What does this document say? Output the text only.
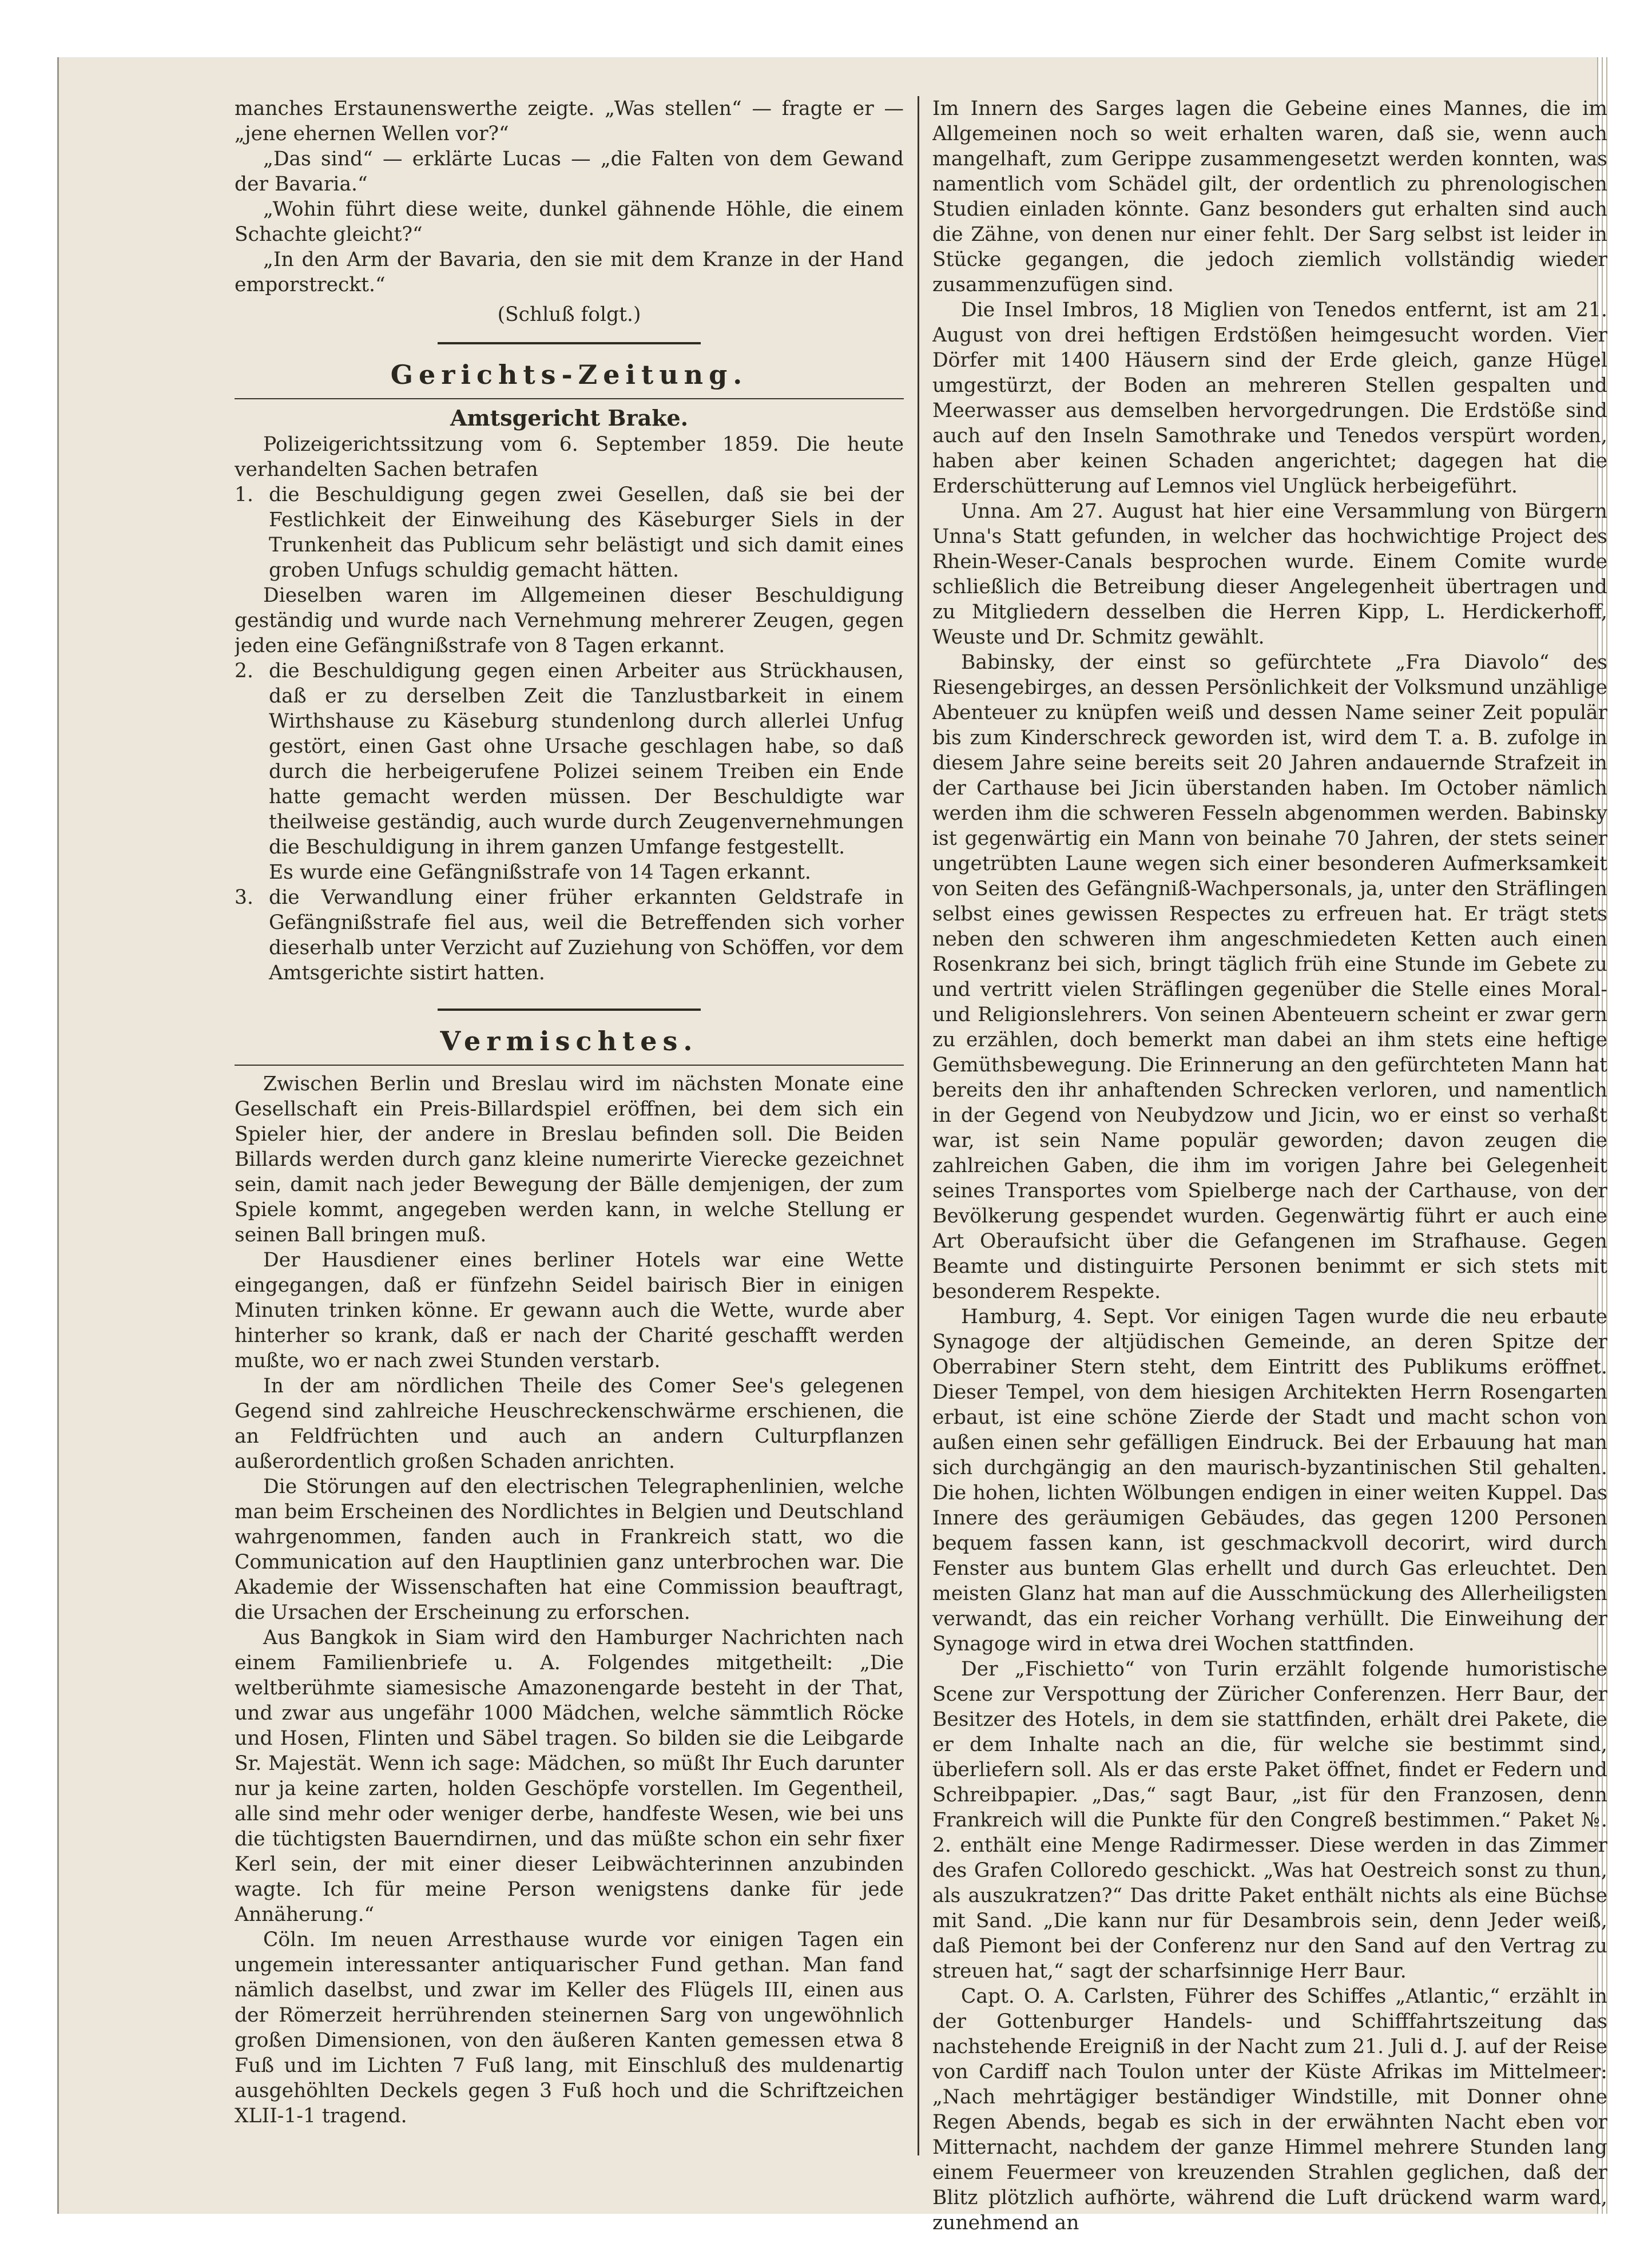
manches Erstaunenswerthe zeigte. „Was stellen“ — fragte er — „jene ehernen Wellen vor?“

„Das sind“ — erklärte Lucas — „die Falten von dem Gewand der Bavaria.“

„Wohin führt diese weite, dunkel gähnende Höhle, die einem Schachte gleicht?“

„In den Arm der Bavaria, den sie mit dem Kranze in der Hand emporstreckt.“

(Schluß folgt.)

Gerichts-Zeitung.
Amtsgericht Brake.

Polizeigerichtssitzung vom 6. September 1859. Die heute verhandelten Sachen betrafen

1. die Beschuldigung gegen zwei Gesellen, daß sie bei der Festlichkeit der Einweihung des Käseburger Siels in der Trunkenheit das Publicum sehr belästigt und sich damit eines groben Unfugs schuldig gemacht hätten.

Dieselben waren im Allgemeinen dieser Beschuldigung geständig und wurde nach Vernehmung mehrerer Zeugen, gegen jeden eine Gefängnißstrafe von 8 Tagen erkannt.

2. die Beschuldigung gegen einen Arbeiter aus Strückhausen, daß er zu derselben Zeit die Tanzlustbarkeit in einem Wirthshause zu Käseburg stundenlong durch allerlei Unfug gestört, einen Gast ohne Ursache geschlagen habe, so daß durch die herbeigerufene Polizei seinem Treiben ein Ende hatte gemacht werden müssen. Der Beschuldigte war theilweise geständig, auch wurde durch Zeugenvernehmungen die Beschuldigung in ihrem ganzen Umfange festgestellt.

Es wurde eine Gefängnißstrafe von 14 Tagen erkannt.

3. die Verwandlung einer früher erkannten Geldstrafe in Gefängnißstrafe fiel aus, weil die Betreffenden sich vorher dieserhalb unter Verzicht auf Zuziehung von Schöffen, vor dem Amtsgerichte sistirt hatten.

Vermischtes.

Zwischen Berlin und Breslau wird im nächsten Monate eine Gesellschaft ein Preis-Billardspiel eröffnen, bei dem sich ein Spieler hier, der andere in Breslau befinden soll. Die Beiden Billards werden durch ganz kleine numerirte Vierecke gezeichnet sein, damit nach jeder Bewegung der Bälle demjenigen, der zum Spiele kommt, angegeben werden kann, in welche Stellung er seinen Ball bringen muß.

Der Hausdiener eines berliner Hotels war eine Wette eingegangen, daß er fünfzehn Seidel bairisch Bier in einigen Minuten trinken könne. Er gewann auch die Wette, wurde aber hinterher so krank, daß er nach der Charité geschafft werden mußte, wo er nach zwei Stunden verstarb.

In der am nördlichen Theile des Comer See's gelegenen Gegend sind zahlreiche Heuschreckenschwärme erschienen, die an Feldfrüchten und auch an andern Culturpflanzen außerordentlich großen Schaden anrichten.

Die Störungen auf den electrischen Telegraphenlinien, welche man beim Erscheinen des Nordlichtes in Belgien und Deutschland wahrgenommen, fanden auch in Frankreich statt, wo die Communication auf den Hauptlinien ganz unterbrochen war. Die Akademie der Wissenschaften hat eine Commission beauftragt, die Ursachen der Erscheinung zu erforschen.

Aus Bangkok in Siam wird den Hamburger Nachrichten nach einem Familienbriefe u. A. Folgendes mitgetheilt: „Die weltberühmte siamesische Amazonengarde besteht in der That, und zwar aus ungefähr 1000 Mädchen, welche sämmtlich Röcke und Hosen, Flinten und Säbel tragen. So bilden sie die Leibgarde Sr. Majestät. Wenn ich sage: Mädchen, so müßt Ihr Euch darunter nur ja keine zarten, holden Geschöpfe vorstellen. Im Gegentheil, alle sind mehr oder weniger derbe, handfeste Wesen, wie bei uns die tüchtigsten Bauerndirnen, und das müßte schon ein sehr fixer Kerl sein, der mit einer dieser Leibwächterinnen anzubinden wagte. Ich für meine Person wenigstens danke für jede Annäherung.“

Cöln. Im neuen Arresthause wurde vor einigen Tagen ein ungemein interessanter antiquarischer Fund gethan. Man fand nämlich daselbst, und zwar im Keller des Flügels III, einen aus der Römerzeit herrührenden steinernen Sarg von ungewöhnlich großen Dimensionen, von den äußeren Kanten gemessen etwa 8 Fuß und im Lichten 7 Fuß lang, mit Einschluß des muldenartig ausgehöhlten Deckels gegen 3 Fuß hoch und die Schriftzeichen XLII-1-1 tragend.

Im Innern des Sarges lagen die Gebeine eines Mannes, die im Allgemeinen noch so weit erhalten waren, daß sie, wenn auch mangelhaft, zum Gerippe zusammengesetzt werden konnten, was namentlich vom Schädel gilt, der ordentlich zu phrenologischen Studien einladen könnte. Ganz besonders gut erhalten sind auch die Zähne, von denen nur einer fehlt. Der Sarg selbst ist leider in Stücke gegangen, die jedoch ziemlich vollständig wieder zusammenzufügen sind.

Die Insel Imbros, 18 Miglien von Tenedos entfernt, ist am 21. August von drei heftigen Erdstößen heimgesucht worden. Vier Dörfer mit 1400 Häusern sind der Erde gleich, ganze Hügel umgestürzt, der Boden an mehreren Stellen gespalten und Meerwasser aus demselben hervorgedrungen. Die Erdstöße sind auch auf den Inseln Samothrake und Tenedos verspürt worden, haben aber keinen Schaden angerichtet; dagegen hat die Erderschütterung auf Lemnos viel Unglück herbeigeführt.

Unna. Am 27. August hat hier eine Versammlung von Bürgern Unna's Statt gefunden, in welcher das hochwichtige Project des Rhein-Weser-Canals besprochen wurde. Einem Comite wurde schließlich die Betreibung dieser Angelegenheit übertragen und zu Mitgliedern desselben die Herren Kipp, L. Herdickerhoff, Weuste und Dr. Schmitz gewählt.

Babinsky, der einst so gefürchtete „Fra Diavolo“ des Riesengebirges, an dessen Persönlichkeit der Volksmund unzählige Abenteuer zu knüpfen weiß und dessen Name seiner Zeit populär bis zum Kinderschreck geworden ist, wird dem T. a. B. zufolge in diesem Jahre seine bereits seit 20 Jahren andauernde Strafzeit in der Carthause bei Jicin überstanden haben. Im October nämlich werden ihm die schweren Fesseln abgenommen werden. Babinsky ist gegenwärtig ein Mann von beinahe 70 Jahren, der stets seiner ungetrübten Laune wegen sich einer besonderen Aufmerksamkeit von Seiten des Gefängniß-Wachpersonals, ja, unter den Sträflingen selbst eines gewissen Respectes zu erfreuen hat. Er trägt stets neben den schweren ihm angeschmiedeten Ketten auch einen Rosenkranz bei sich, bringt täglich früh eine Stunde im Gebete zu und vertritt vielen Sträflingen gegenüber die Stelle eines Moral- und Religionslehrers. Von seinen Abenteuern scheint er zwar gern zu erzählen, doch bemerkt man dabei an ihm stets eine heftige Gemüthsbewegung. Die Erinnerung an den gefürchteten Mann hat bereits den ihr anhaftenden Schrecken verloren, und namentlich in der Gegend von Neubydzow und Jicin, wo er einst so verhaßt war, ist sein Name populär geworden; davon zeugen die zahlreichen Gaben, die ihm im vorigen Jahre bei Gelegenheit seines Transportes vom Spielberge nach der Carthause, von der Bevölkerung gespendet wurden. Gegenwärtig führt er auch eine Art Oberaufsicht über die Gefangenen im Strafhause. Gegen Beamte und distinguirte Personen benimmt er sich stets mit besonderem Respekte.

Hamburg, 4. Sept. Vor einigen Tagen wurde die neu erbaute Synagoge der altjüdischen Gemeinde, an deren Spitze der Oberrabiner Stern steht, dem Eintritt des Publikums eröffnet. Dieser Tempel, von dem hiesigen Architekten Herrn Rosengarten erbaut, ist eine schöne Zierde der Stadt und macht schon von außen einen sehr gefälligen Eindruck. Bei der Erbauung hat man sich durchgängig an den maurisch-byzantinischen Stil gehalten. Die hohen, lichten Wölbungen endigen in einer weiten Kuppel. Das Innere des geräumigen Gebäudes, das gegen 1200 Personen bequem fassen kann, ist geschmackvoll decorirt, wird durch Fenster aus buntem Glas erhellt und durch Gas erleuchtet. Den meisten Glanz hat man auf die Ausschmückung des Allerheiligsten verwandt, das ein reicher Vorhang verhüllt. Die Einweihung der Synagoge wird in etwa drei Wochen stattfinden.

Der „Fischietto“ von Turin erzählt folgende humoristische Scene zur Verspottung der Züricher Conferenzen. Herr Baur, der Besitzer des Hotels, in dem sie stattfinden, erhält drei Pakete, die er dem Inhalte nach an die, für welche sie bestimmt sind, überliefern soll. Als er das erste Paket öffnet, findet er Federn und Schreibpapier. „Das,“ sagt Baur, „ist für den Franzosen, denn Frankreich will die Punkte für den Congreß bestimmen.“ Paket №. 2. enthält eine Menge Radirmesser. Diese werden in das Zimmer des Grafen Colloredo geschickt. „Was hat Oestreich sonst zu thun, als auszukratzen?“ Das dritte Paket enthält nichts als eine Büchse mit Sand. „Die kann nur für Desambrois sein, denn Jeder weiß, daß Piemont bei der Conferenz nur den Sand auf den Vertrag zu streuen hat,“ sagt der scharfsinnige Herr Baur.

Capt. O. A. Carlsten, Führer des Schiffes „Atlantic,“ erzählt in der Gottenburger Handels- und Schifffahrtszeitung das nachstehende Ereigniß in der Nacht zum 21. Juli d. J. auf der Reise von Cardiff nach Toulon unter der Küste Afrikas im Mittelmeer: „Nach mehrtägiger beständiger Windstille, mit Donner ohne Regen Abends, begab es sich in der erwähnten Nacht eben vor Mitternacht, nachdem der ganze Himmel mehrere Stunden lang einem Feuermeer von kreuzenden Strahlen geglichen, daß der Blitz plötzlich aufhörte, während die Luft drückend warm ward, zunehmend an
